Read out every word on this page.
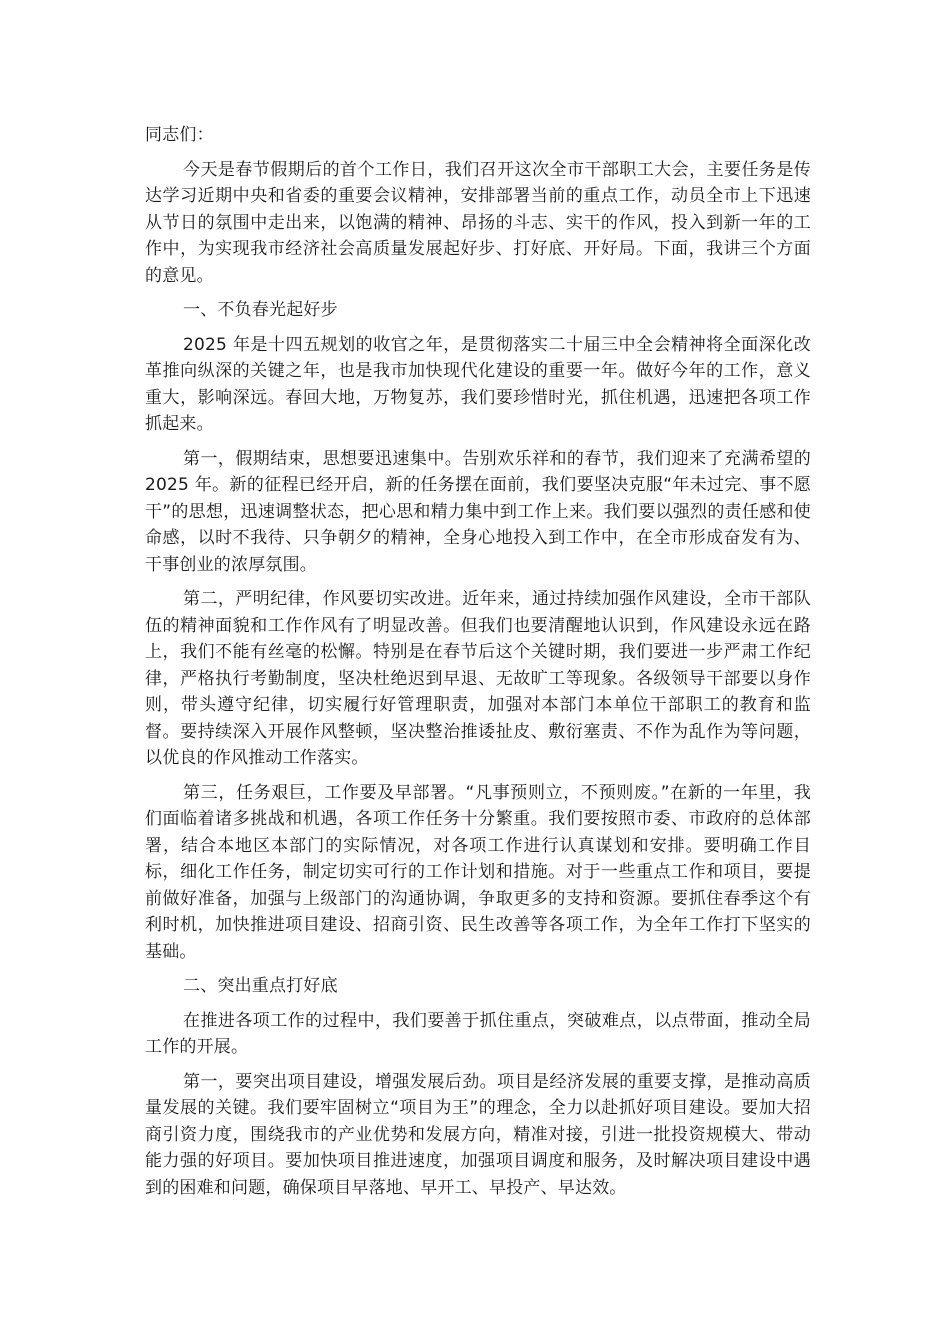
同志们：

今天是春节假期后的首个工作日，我们召开这次全市干部职工大会，主要任务是传达学习近期中央和省委的重要会议精神，安排部署当前的重点工作，动员全市上下迅速从节日的氛围中走出来，以饱满的精神、昂扬的斗志、实干的作风，投入到新一年的工作中，为实现我市经济社会高质量发展起好步、打好底、开好局。下面，我讲三个方面的意见。

一、不负春光起好步

2025 年是十四五规划的收官之年，是贯彻落实二十届三中全会精神将全面深化改革推向纵深的关键之年，也是我市加快现代化建设的重要一年。做好今年的工作，意义重大，影响深远。春回大地，万物复苏，我们要珍惜时光，抓住机遇，迅速把各项工作抓起来。

第一，假期结束，思想要迅速集中。告别欢乐祥和的春节，我们迎来了充满希望的 2025 年。新的征程已经开启，新的任务摆在面前，我们要坚决克服“年未过完、事不愿干”的思想，迅速调整状态，把心思和精力集中到工作上来。我们要以强烈的责任感和使命感，以时不我待、只争朝夕的精神，全身心地投入到工作中，在全市形成奋发有为、干事创业的浓厚氛围。

第二，严明纪律，作风要切实改进。近年来，通过持续加强作风建设，全市干部队伍的精神面貌和工作作风有了明显改善。但我们也要清醒地认识到，作风建设永远在路上，我们不能有丝毫的松懈。特别是在春节后这个关键时期，我们要进一步严肃工作纪律，严格执行考勤制度，坚决杜绝迟到早退、无故旷工等现象。各级领导干部要以身作则，带头遵守纪律，切实履行好管理职责，加强对本部门本单位干部职工的教育和监督。要持续深入开展作风整顿，坚决整治推诿扯皮、敷衍塞责、不作为乱作为等问题，以优良的作风推动工作落实。

第三，任务艰巨，工作要及早部署。“凡事预则立，不预则废。”在新的一年里，我们面临着诸多挑战和机遇，各项工作任务十分繁重。我们要按照市委、市政府的总体部署，结合本地区本部门的实际情况，对各项工作进行认真谋划和安排。要明确工作目标，细化工作任务，制定切实可行的工作计划和措施。对于一些重点工作和项目，要提前做好准备，加强与上级部门的沟通协调，争取更多的支持和资源。要抓住春季这个有利时机，加快推进项目建设、招商引资、民生改善等各项工作，为全年工作打下坚实的基础。

二、突出重点打好底

在推进各项工作的过程中，我们要善于抓住重点，突破难点，以点带面，推动全局工作的开展。

第一，要突出项目建设，增强发展后劲。项目是经济发展的重要支撑，是推动高质量发展的关键。我们要牢固树立“项目为王”的理念，全力以赴抓好项目建设。要加大招商引资力度，围绕我市的产业优势和发展方向，精准对接，引进一批投资规模大、带动能力强的好项目。要加快项目推进速度，加强项目调度和服务，及时解决项目建设中遇到的困难和问题，确保项目早落地、早开工、早投产、早达效。
